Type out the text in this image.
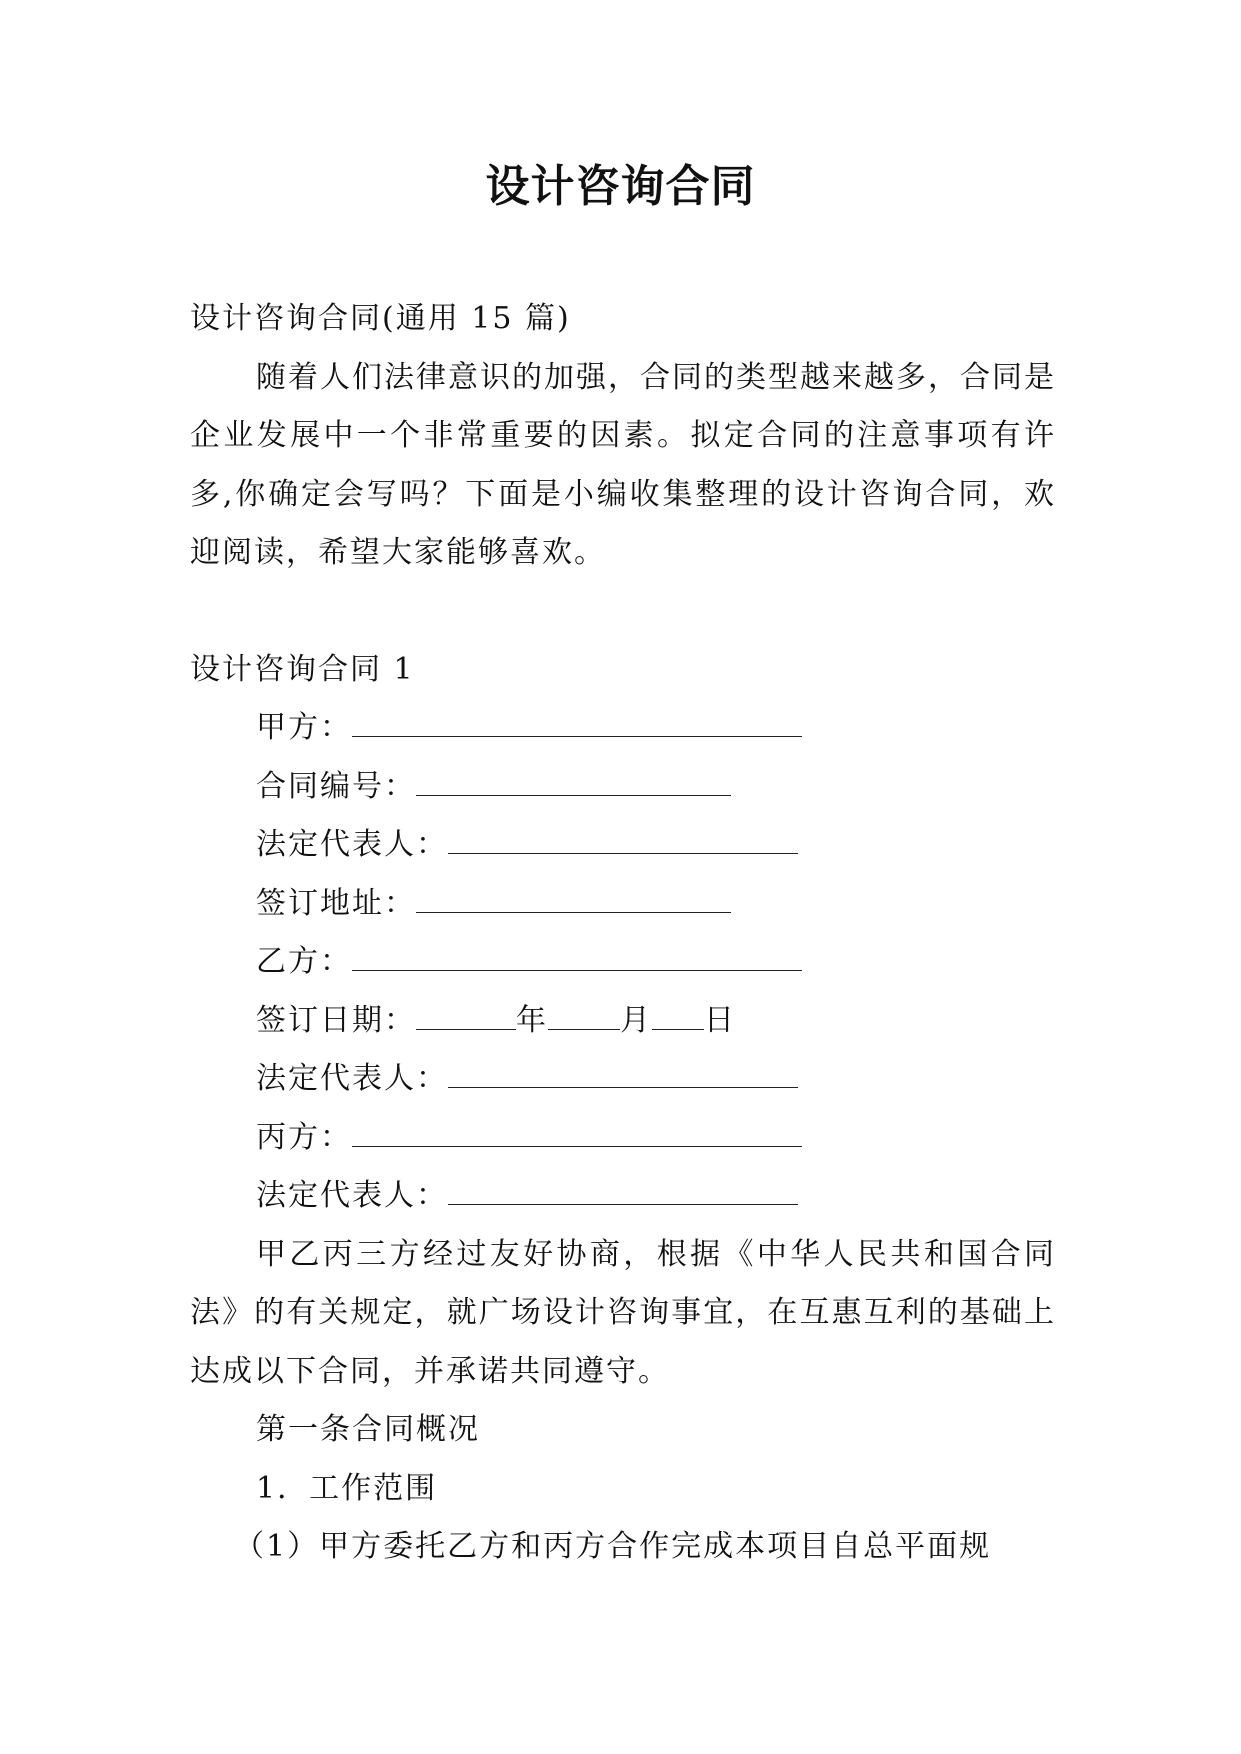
设计咨询合同
设计咨询合同(通用 15 篇)
随着人们法律意识的加强，合同的类型越来越多，合同是企业发展中一个非常重要的因素。拟定合同的注意事项有许多,你确定会写吗？下面是小编收集整理的设计咨询合同，欢迎阅读，希望大家能够喜欢。
设计咨询合同 1
甲方：
合同编号：
法定代表人：
签订地址：
乙方：
签订日期：	年 月 日
法定代表人：
丙方：
法定代表人：
甲乙丙三方经过友好协商，根据《中华人民共和国合同法》的有关规定，就广场设计咨询事宜，在互惠互利的基础上达成以下合同，并承诺共同遵守。
第一条合同概况
1．工作范围
（1）甲方委托乙方和丙方合作完成本项目自总平面规
